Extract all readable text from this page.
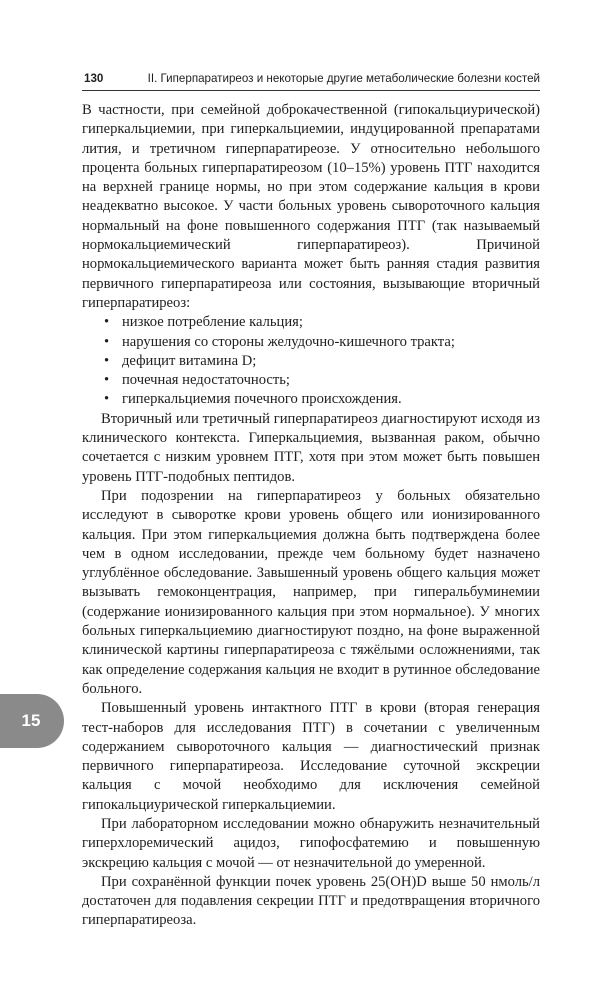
130	II. Гиперпаратиреоз и некоторые другие метаболические болезни костей
15

В частности, при семейной доброкачественной (гипокальциурической) гиперкальциемии, при гиперкальциемии, индуцированной препаратами лития, и третичном гиперпаратиреозе. У относительно небольшого процента больных гиперпаратиреозом (10–15%) уровень ПТГ находится на верхней границе нормы, но при этом содержание кальция в крови неадекватно высокое. У части больных уровень сывороточного кальция нормальный на фоне повышенного содержания ПТГ (так называемый нормокальциемический гиперпаратиреоз). Причиной нормокальциемического варианта может быть ранняя стадия развития первичного гиперпаратиреоза или состояния, вызывающие вторичный гиперпаратиреоз:

• низкое потребление кальция;
• нарушения со стороны желудочно-кишечного тракта;
• дефицит витамина D;
• почечная недостаточность;
• гиперкальциемия почечного происхождения.

Вторичный или третичный гиперпаратиреоз диагностируют исходя из клинического контекста. Гиперкальциемия, вызванная раком, обычно сочетается с низким уровнем ПТГ, хотя при этом может быть повышен уровень ПТГ-подобных пептидов.

При подозрении на гиперпаратиреоз у больных обязательно исследуют в сыворотке крови уровень общего или ионизированного кальция. При этом гиперкальциемия должна быть подтверждена более чем в одном исследовании, прежде чем больному будет назначено углублённое обследование. Завышенный уровень общего кальция может вызывать гемоконцентрация, например, при гиперальбуминемии (содержание ионизированного кальция при этом нормальное). У многих больных гиперкальциемию диагностируют поздно, на фоне выраженной клинической картины гиперпаратиреоза с тяжёлыми осложнениями, так как определение содержания кальция не входит в рутинное обследование больного.

Повышенный уровень интактного ПТГ в крови (вторая генерация тест-наборов для исследования ПТГ) в сочетании с увеличенным содержанием сывороточного кальция — диагностический признак первичного гиперпаратиреоза. Исследование суточной экскреции кальция с мочой необходимо для исключения семейной гипокальциурической гиперкальциемии.

При лабораторном исследовании можно обнаружить незначительный гиперхлоремический ацидоз, гипофосфатемию и повышенную экскрецию кальция с мочой — от незначительной до умеренной.

При сохранённой функции почек уровень 25(OH)D выше 50 нмоль/л достаточен для подавления секреции ПТГ и предотвращения вторичного гиперпаратиреоза.
